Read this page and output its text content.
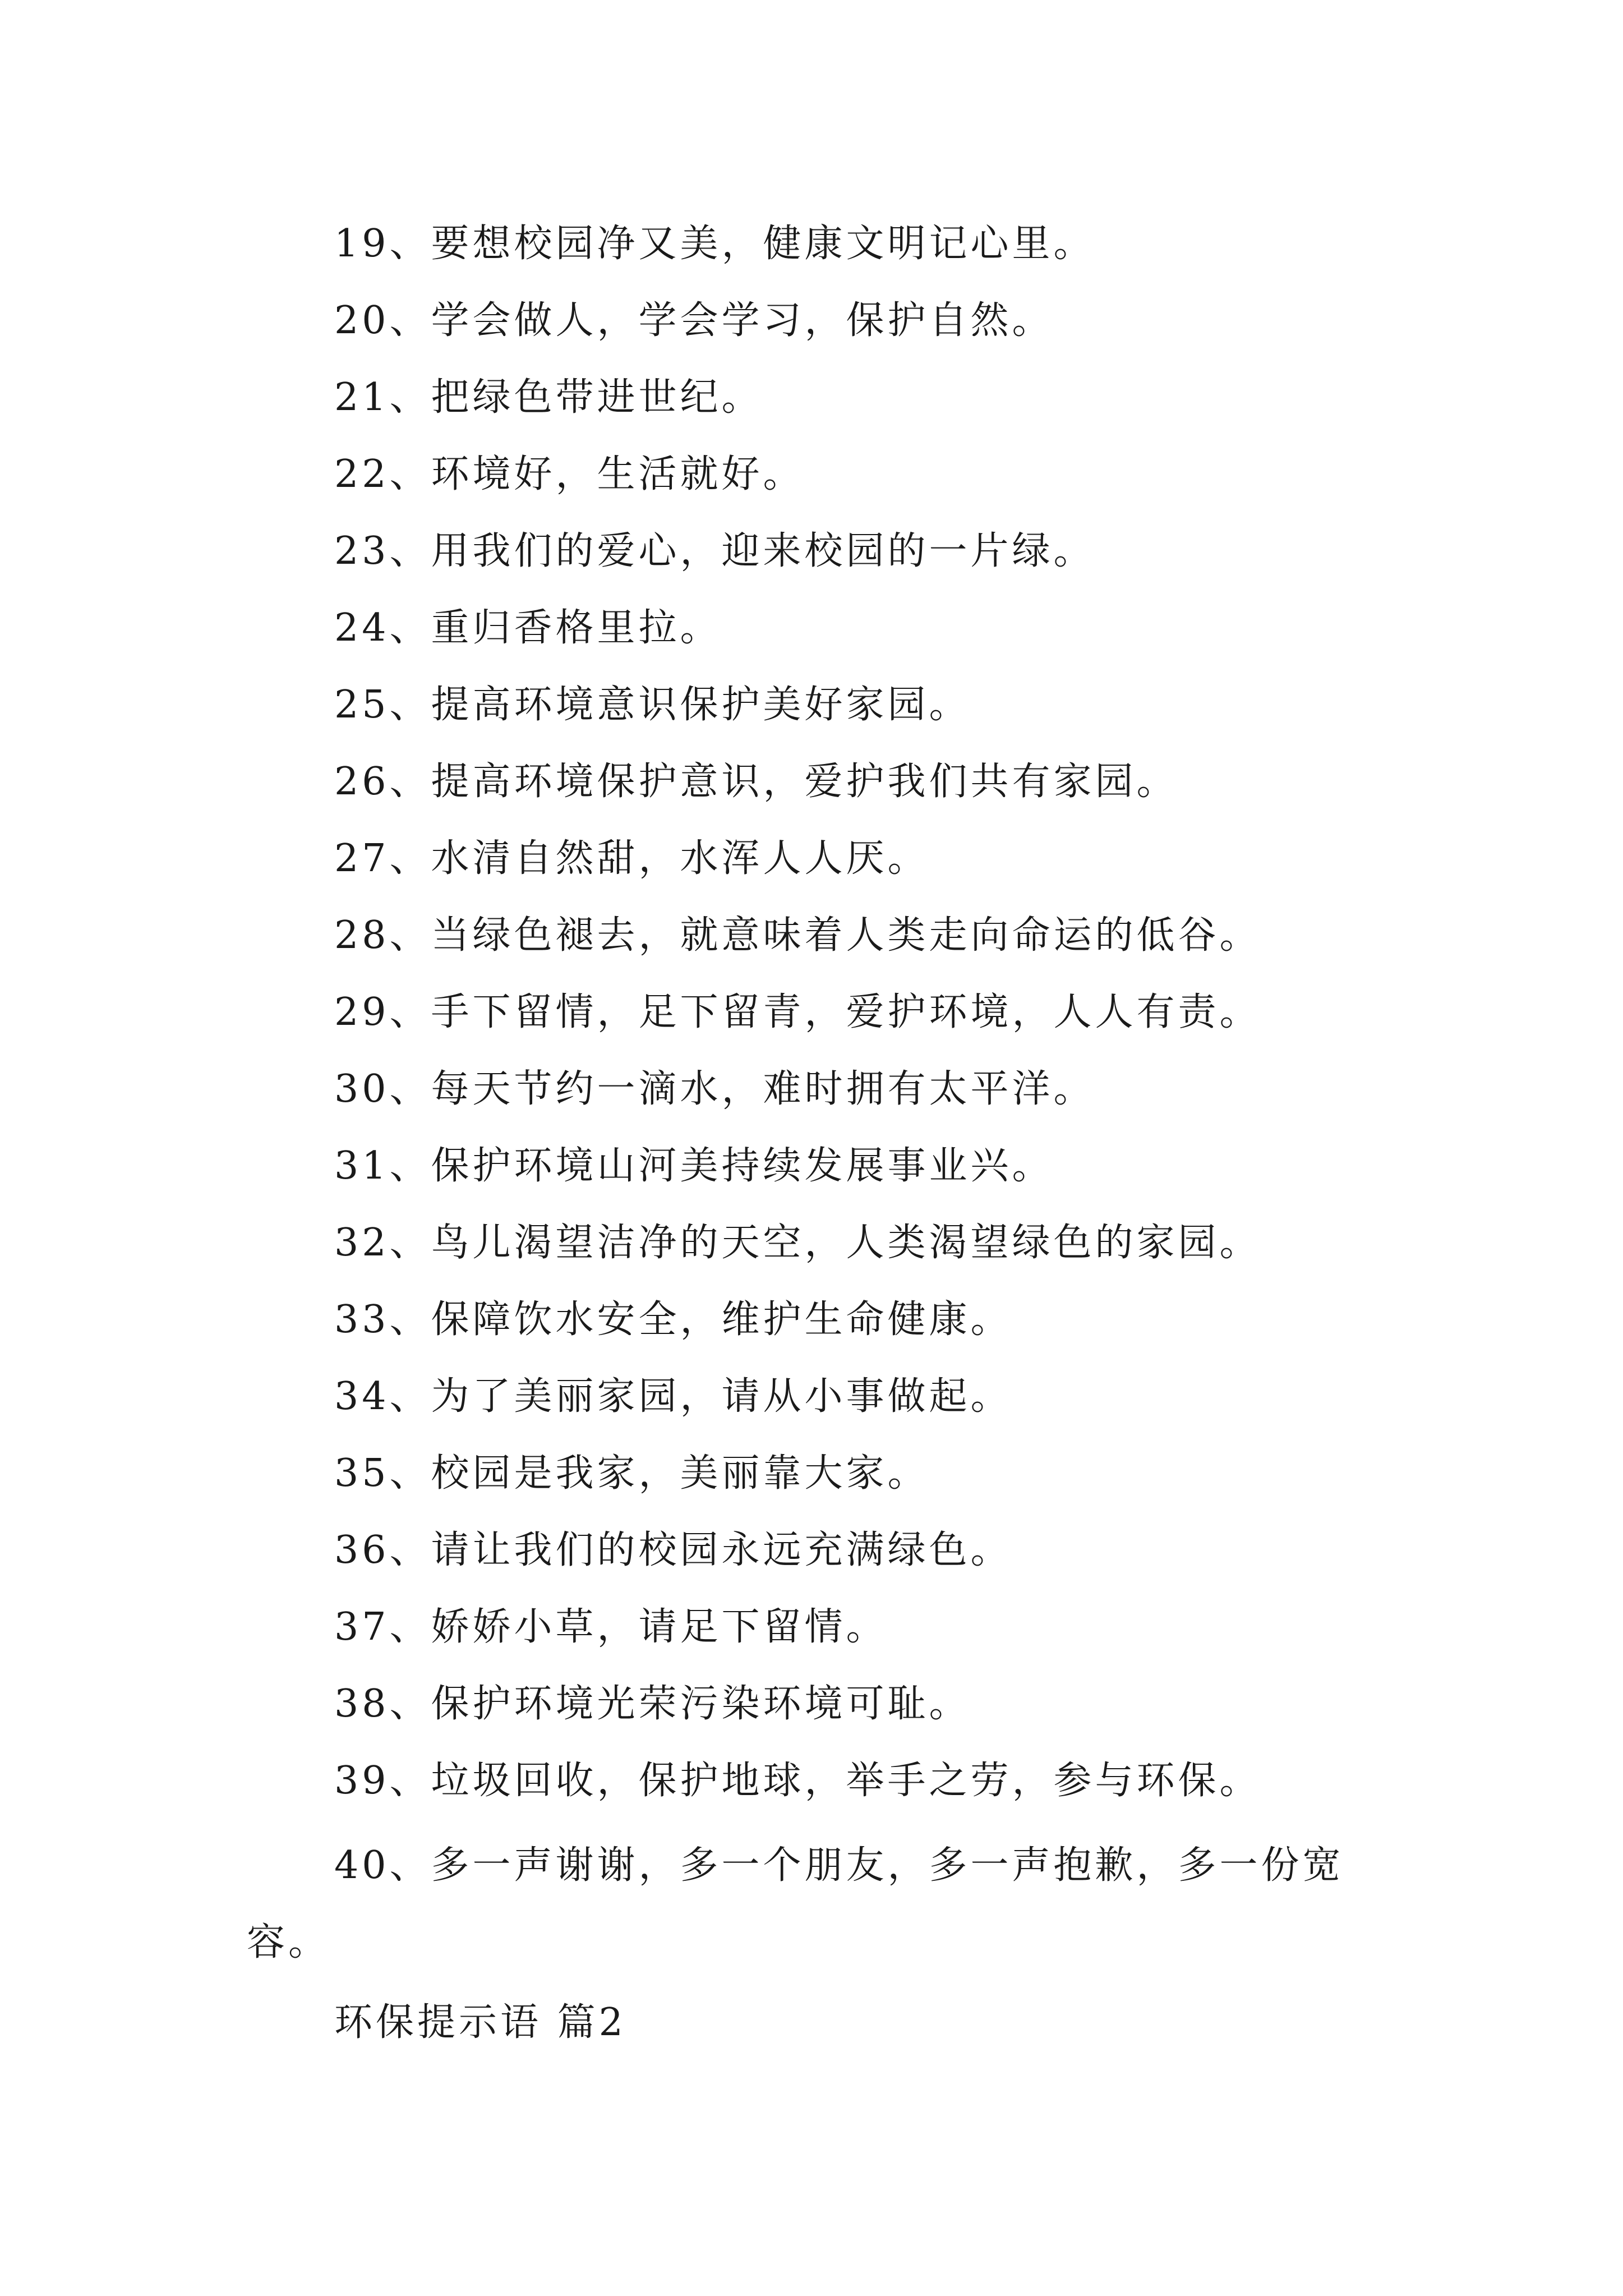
19、要想校园净又美，健康文明记心里。
20、学会做人，学会学习，保护自然。
21、把绿色带进世纪。
22、环境好，生活就好。
23、用我们的爱心，迎来校园的一片绿。
24、重归香格里拉。
25、提高环境意识保护美好家园。
26、提高环境保护意识，爱护我们共有家园。
27、水清自然甜，水浑人人厌。
28、当绿色褪去，就意味着人类走向命运的低谷。
29、手下留情，足下留青，爱护环境，人人有责。
30、每天节约一滴水，难时拥有太平洋。
31、保护环境山河美持续发展事业兴。
32、鸟儿渴望洁净的天空，人类渴望绿色的家园。
33、保障饮水安全，维护生命健康。
34、为了美丽家园，请从小事做起。
35、校园是我家，美丽靠大家。
36、请让我们的校园永远充满绿色。
37、娇娇小草，请足下留情。
38、保护环境光荣污染环境可耻。
39、垃圾回收，保护地球，举手之劳，参与环保。
40、多一声谢谢，多一个朋友，多一声抱歉，多一份宽容。
环保提示语 篇2
